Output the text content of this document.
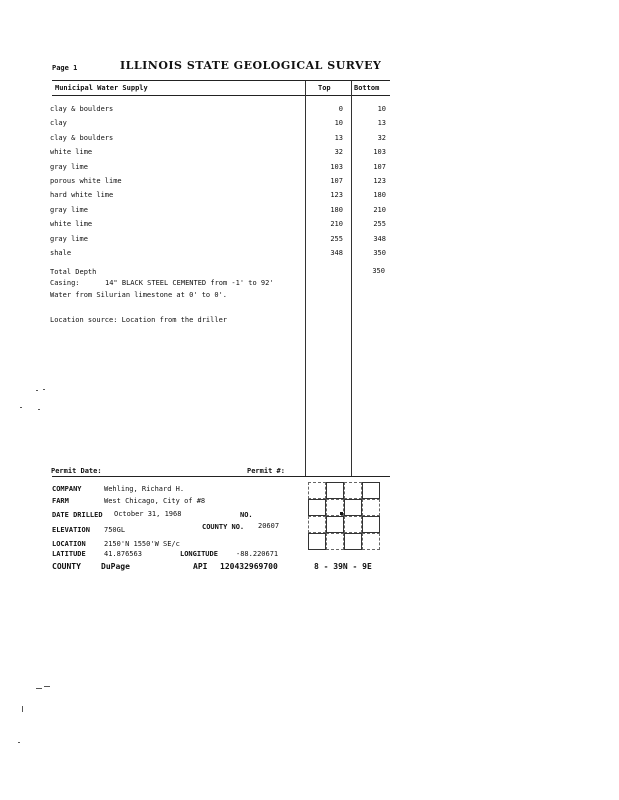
Page 1	ILLINOIS STATE GEOLOGICAL SURVEY
Municipal Water Supply	Top	Bottom
clay & boulders	0	10
clay	10	13
clay & boulders	13	32
white lime	32	103
gray lime	103	107
porous white lime	107	123
hard white lime	123	180
gray lime	180	210
white lime	210	255
gray lime	255	348
shale	348	350
Total Depth	350
Casing:	14" BLACK STEEL CEMENTED from -1' to 92'
Water from Silurian limestone at 0' to 0'.
Location source: Location from the driller
Permit Date:	Permit #:
COMPANY	Wehling, Richard H.
FARM	West Chicago, City of #8
DATE DRILLED October 31, 1968	NO.
ELEVATION 750GL	COUNTY NO. 20607
LOCATION	2150'N 1550'W SE/c
LATITUDE	41.876563	LONGITUDE	-88.220671
COUNTY	DuPage	API 120432969700	8 - 39N - 9E
